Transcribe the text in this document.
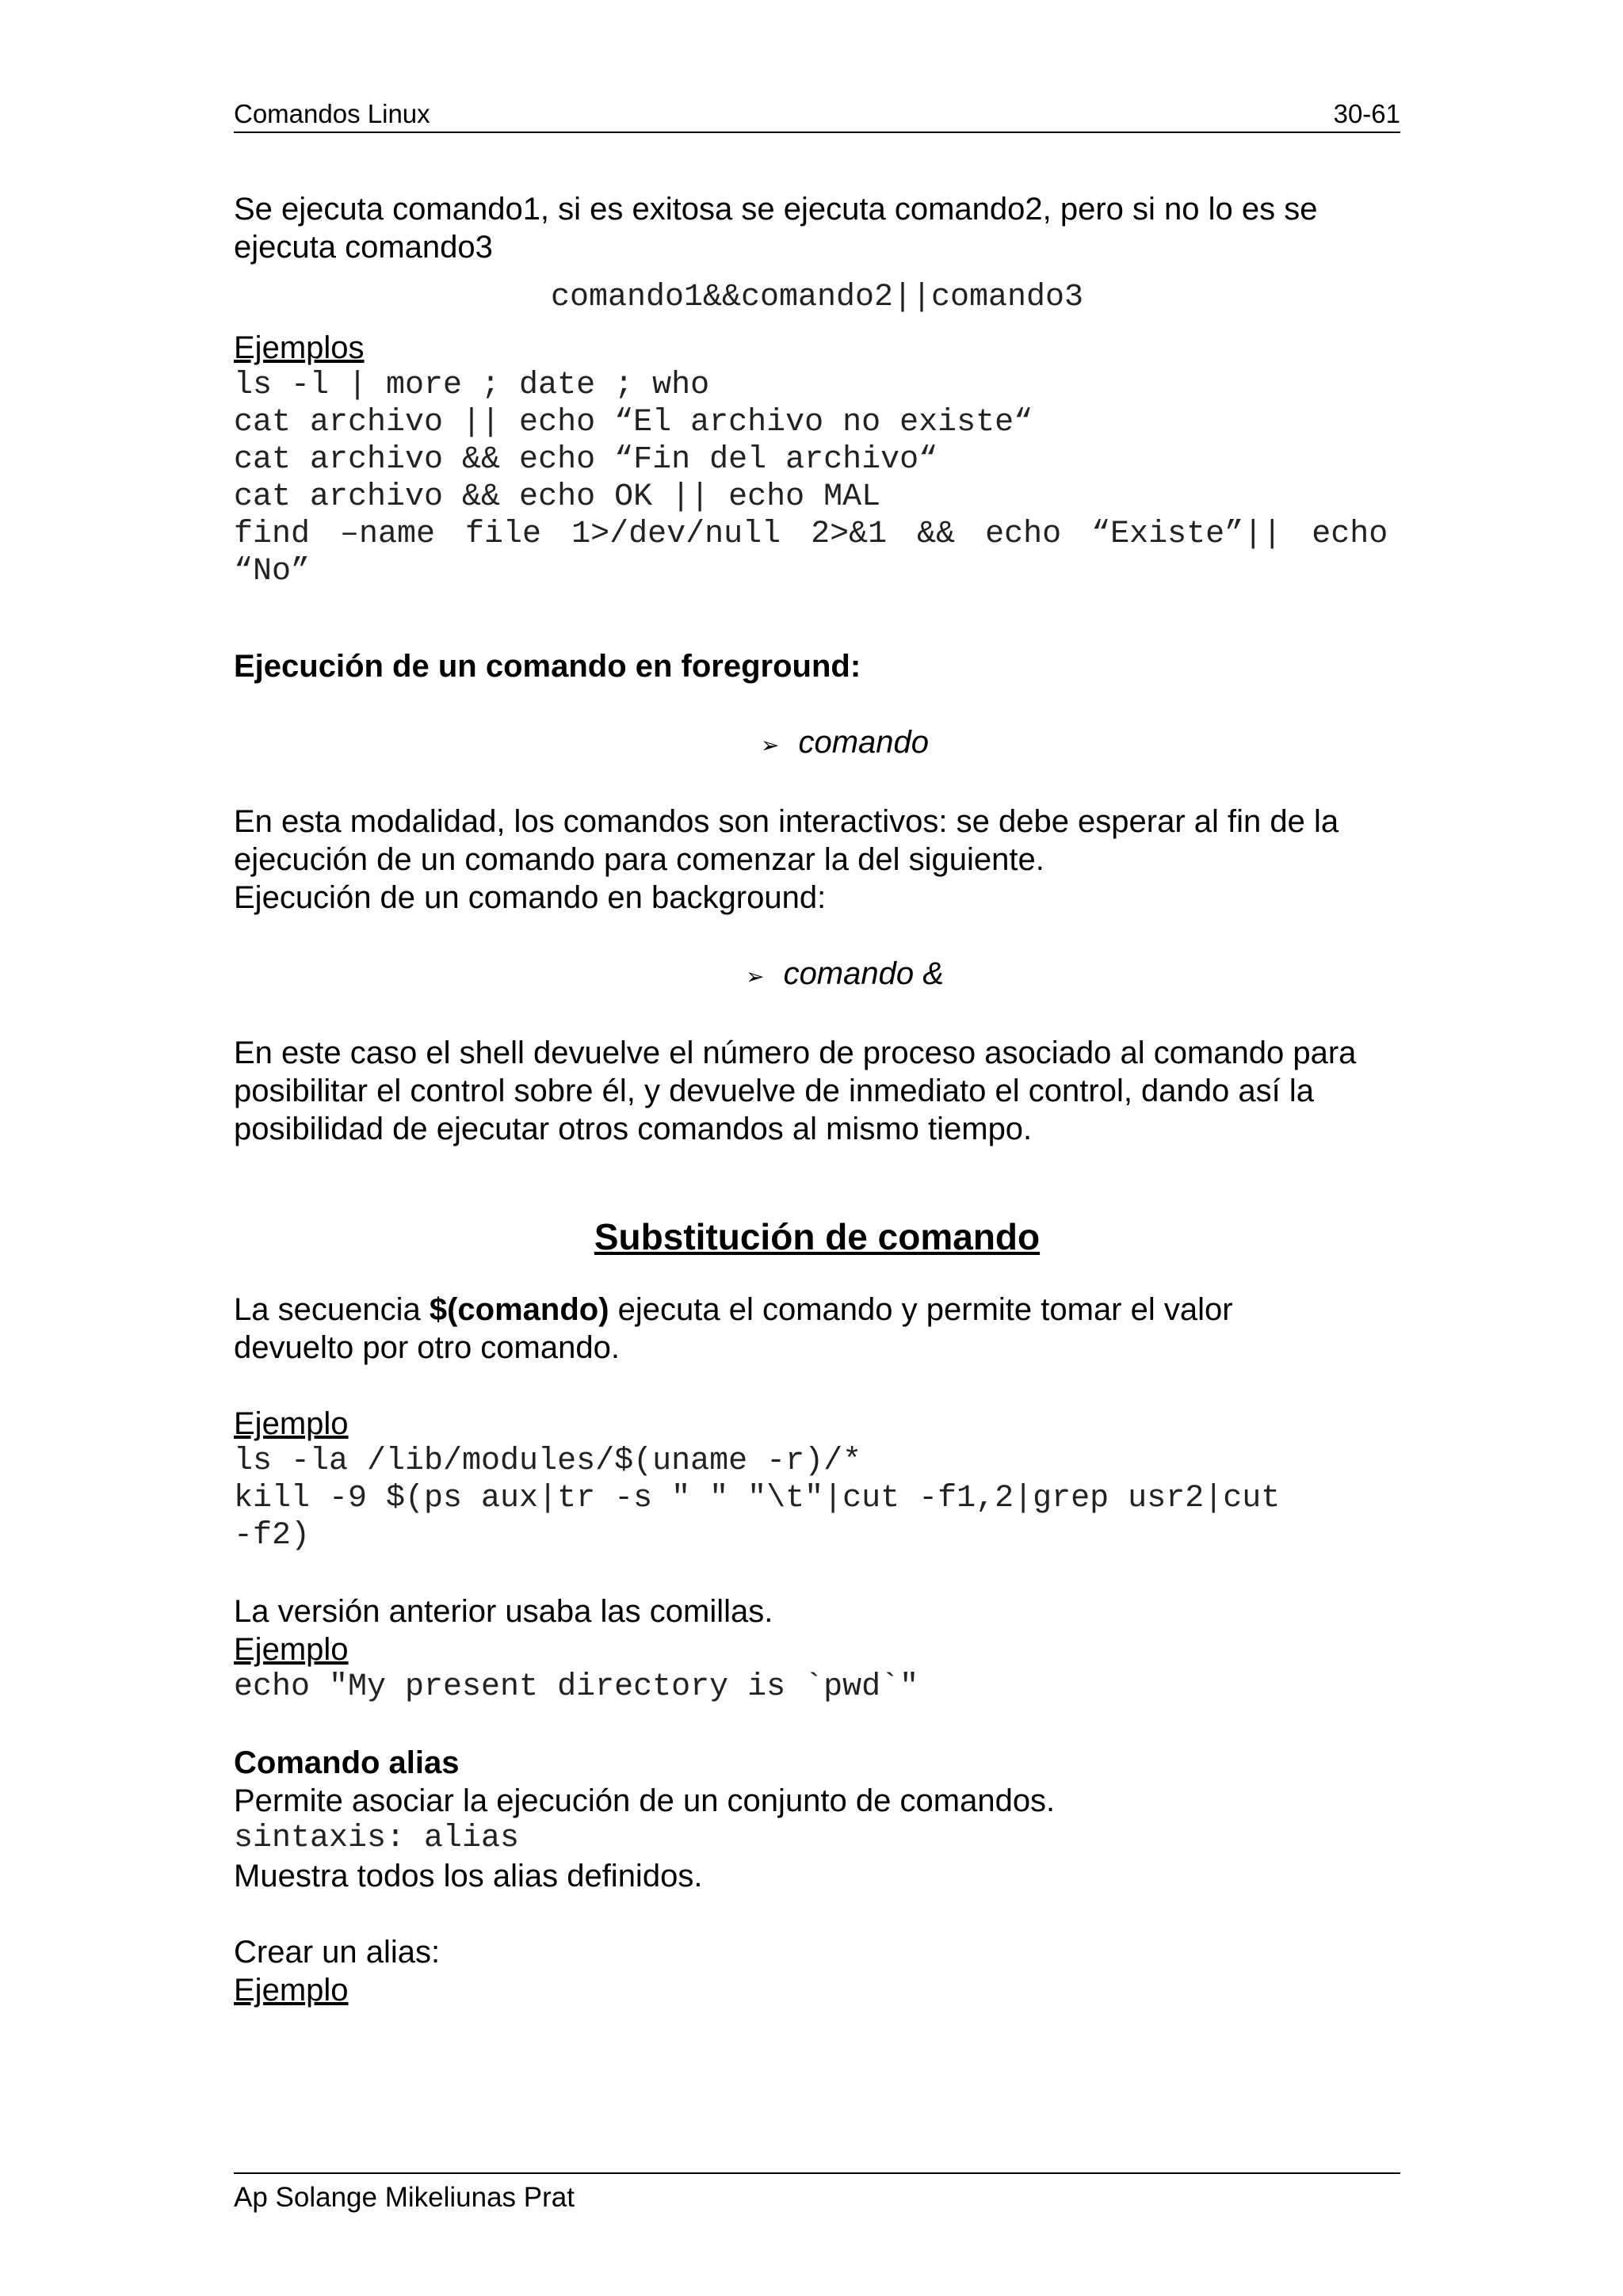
Comandos Linux	30-61

Se ejecuta comando1, si es exitosa se ejecuta comando2, pero si no lo es se

ejecuta comando3

comando1&&comando2||comando3

Ejemplos

ls -l | more ; date ; who

cat archivo || echo “El archivo no existe“

cat archivo && echo “Fin del archivo“

cat archivo && echo OK || echo MAL

find –name file 1>/dev/null 2>&1 && echo “Existe”|| echo

“No”

Ejecución de un comando en foreground:

➢ comando

En esta modalidad, los comandos son interactivos: se debe esperar al fin de la

ejecución de un comando para comenzar la del siguiente.

Ejecución de un comando en background:

➢ comando &

En este caso el shell devuelve el número de proceso asociado al comando para

posibilitar el control sobre él, y devuelve de inmediato el control, dando así la

posibilidad de ejecutar otros comandos al mismo tiempo.

Substitución de comando

La secuencia $(comando) ejecuta el comando y permite tomar el valor

devuelto por otro comando.

Ejemplo

ls -la /lib/modules/$(uname -r)/*

kill -9 $(ps aux|tr -s " " "\t"|cut -f1,2|grep usr2|cut

-f2)

La versión anterior usaba las comillas.

Ejemplo

echo "My present directory is `pwd`"

Comando alias

Permite asociar la ejecución de un conjunto de comandos.

sintaxis: alias

Muestra todos los alias definidos.

Crear un alias:

Ejemplo

Ap Solange Mikeliunas Prat
